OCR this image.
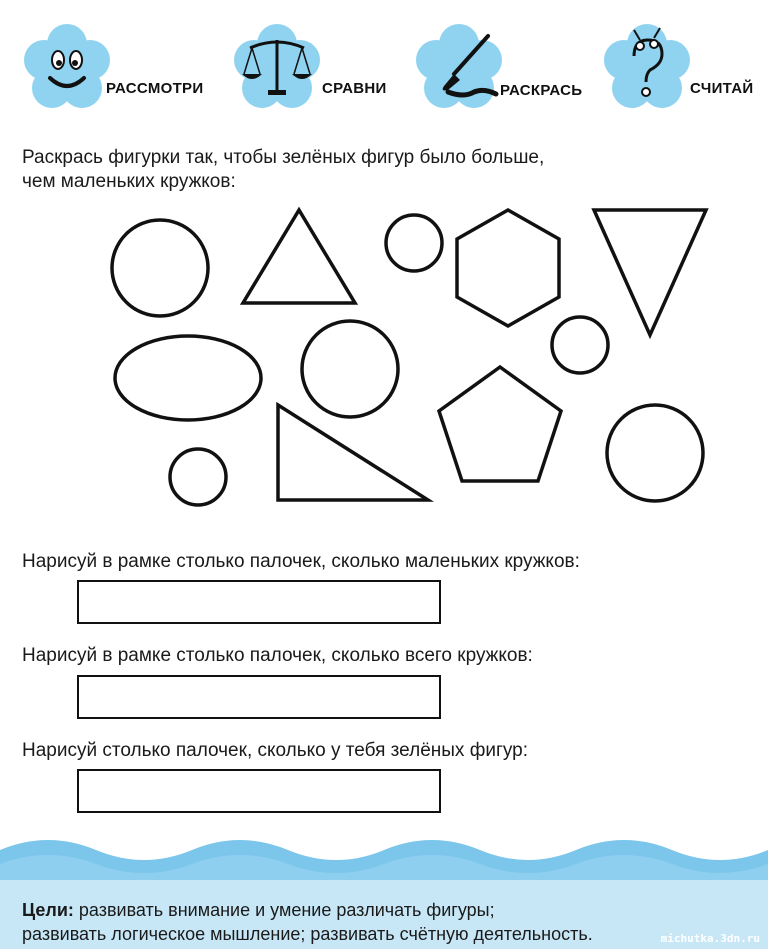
РАССМОТРИ	СРАВНИ	РАСКРАСЬ	СЧИТАЙ
Раскрась фигурки так, чтобы зелёных фигур было больше,
чем маленьких кружков:
Нарисуй в рамке столько палочек, сколько маленьких кружков:
Нарисуй в рамке столько палочек, сколько всего кружков:
Нарисуй столько палочек, сколько у тебя зелёных фигур:
Цели: развивать внимание и умение различать фигуры;
развивать логическое мышление; развивать счётную деятельность.	michutka.3dn.ru
